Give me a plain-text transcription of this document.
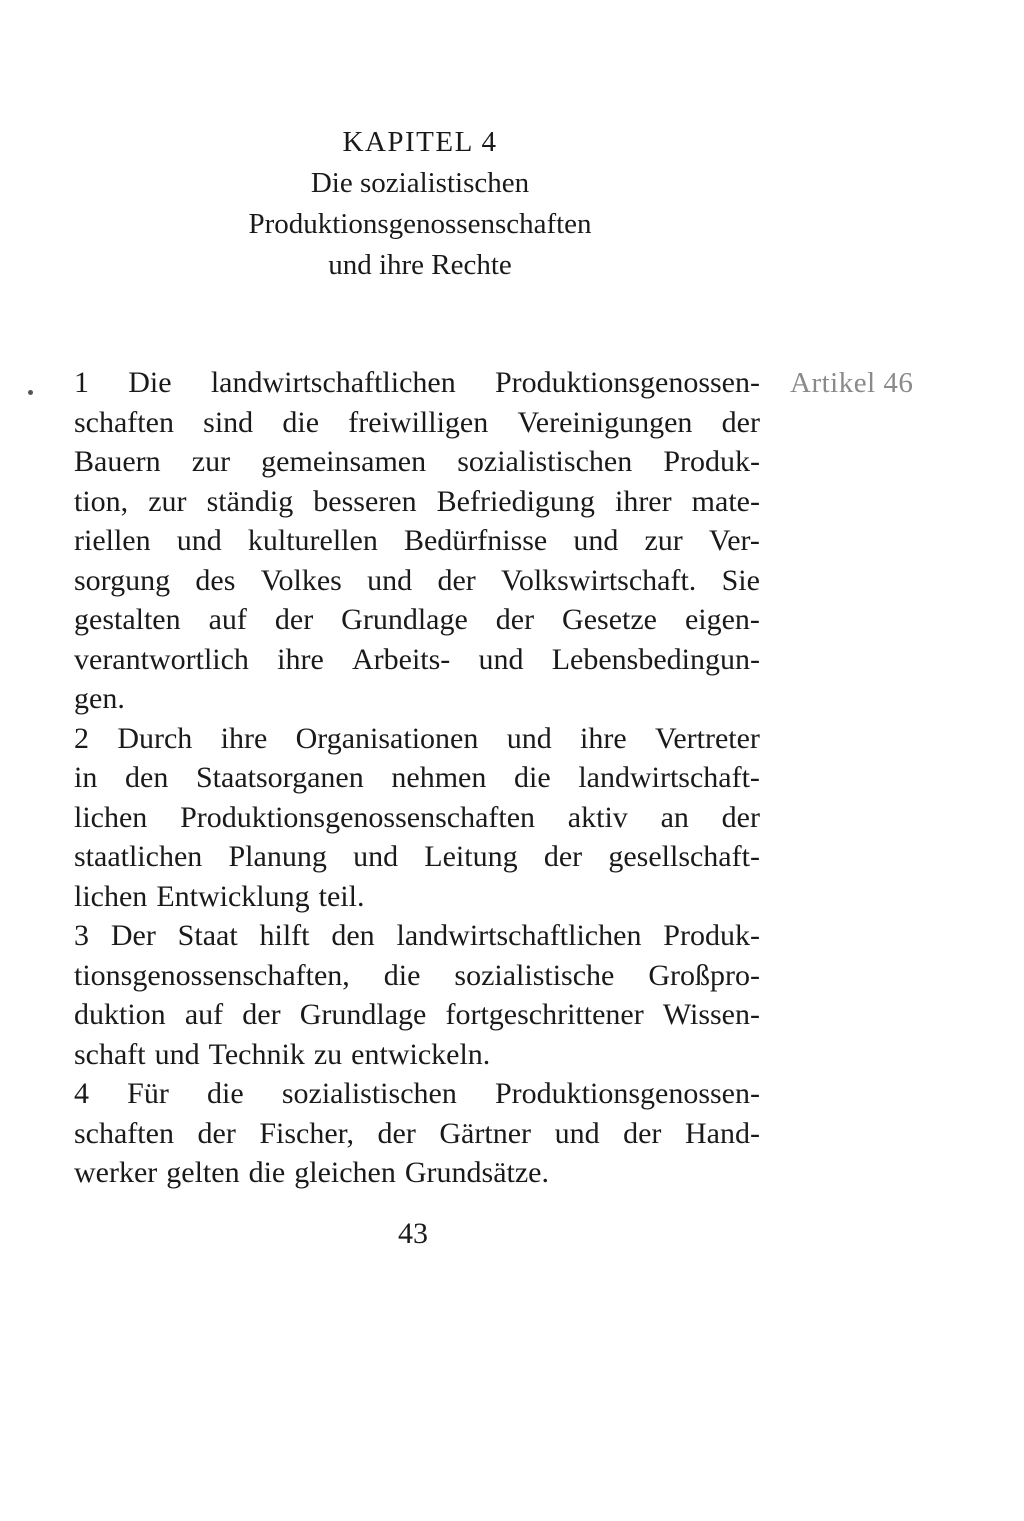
KAPITEL 4
Die sozialistischen
Produktionsgenossenschaften
und ihre Rechte
Artikel 46
1 Die landwirtschaftlichen Produktionsgenossen-
schaften sind die freiwilligen Vereinigungen der
Bauern zur gemeinsamen sozialistischen Produk-
tion, zur ständig besseren Befriedigung ihrer mate-
riellen und kulturellen Bedürfnisse und zur Ver-
sorgung des Volkes und der Volkswirtschaft. Sie
gestalten auf der Grundlage der Gesetze eigen-
verantwortlich ihre Arbeits- und Lebensbedingun-
gen.
2 Durch ihre Organisationen und ihre Vertreter
in den Staatsorganen nehmen die landwirtschaft-
lichen Produktionsgenossenschaften aktiv an der
staatlichen Planung und Leitung der gesellschaft-
lichen Entwicklung teil.
3 Der Staat hilft den landwirtschaftlichen Produk-
tionsgenossenschaften, die sozialistische Großpro-
duktion auf der Grundlage fortgeschrittener Wissen-
schaft und Technik zu entwickeln.
4 Für die sozialistischen Produktionsgenossen-
schaften der Fischer, der Gärtner und der Hand-
werker gelten die gleichen Grundsätze.
43
